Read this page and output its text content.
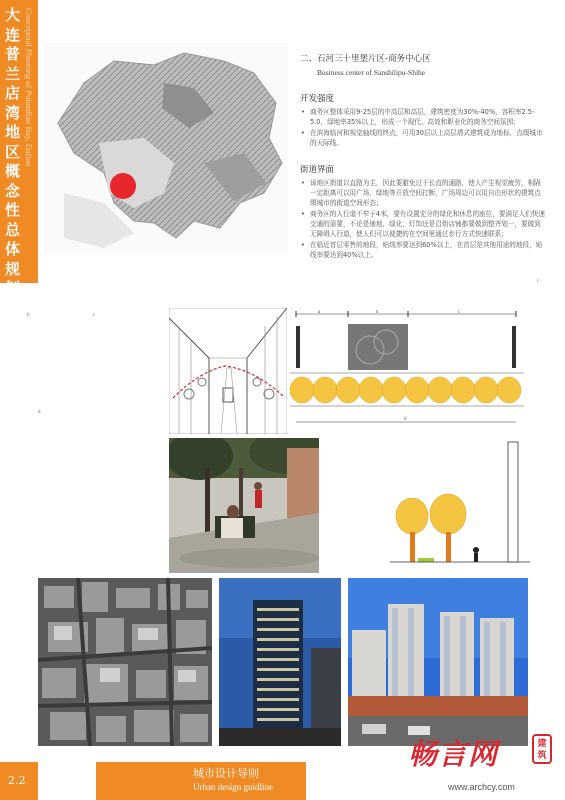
大连普兰店湾地区概念性总体规划
Conceptual Planning of Pulandian Bay, Dalian	二、石河三十里堡片区-商务中心区
Business center of Sanshilipu-Shihe
开发强度
• 商务区整体采用9-25层的中高层和高层，建筑密度为30%-40%，容积率2.5-5.0，绿地率35%以上，形成一个现代、高效和职业化的商务空间氛围；
• 在滨海临河和视觉轴线的终点，可用30层以上高层塔式建筑成为地标，点缀城市的天际线。
街道界面
• 该地区街道以直路为主，因此要避免过于长直的通路，使人产生视觉疲劳，相隔一定距离可以用广场、绿地等开放空间打断，广场周边可以用自由形状的建筑点缀城市的街道空间形态；
• 商务区的人行道不窄于4米，要有设置充分的绿化和休息的座位，要满足人们快速交通的需要，不论是铺地，绿化，灯饰还是沿街店铺都要做到整齐划一，要做到无障碍人行道，使人们可以便捷的在空间里通过步行方式快速联系；
• 在临近首层零售的地段，贴线率要达到60%以上，在首层是其他用途的地段，贴线率要达到40%以上。
c
b	c
d
a	b	c
d
2.2
城市设计导则
Urban design guidline
畅言网	建筑
www.archcy.com
